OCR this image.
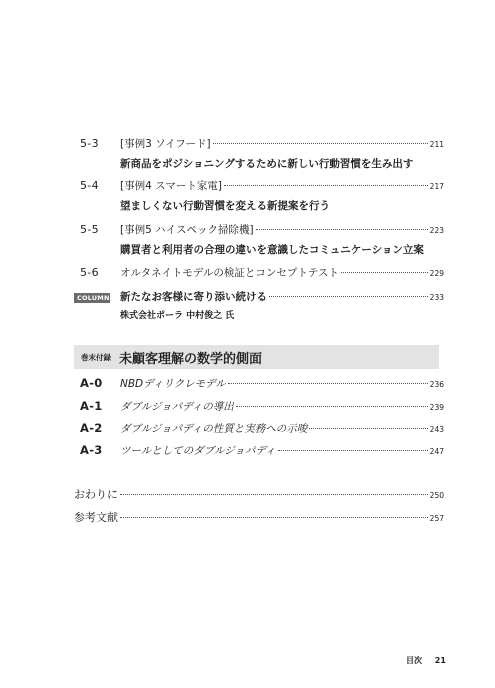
5-3	[事例3 ソイフード]	211
新商品をポジショニングするために新しい行動習慣を生み出す
5-4	[事例4 スマート家電]	217
望ましくない行動習慣を変える新提案を行う
5-5	[事例5 ハイスペック掃除機]	223
購買者と利用者の合理の違いを意識したコミュニケーション立案
5-6	オルタネイトモデルの検証とコンセプトテスト	229
COLUMN 新たなお客様に寄り添い続ける	233
株式会社ポーラ 中村俊之 氏
巻末付録 未顧客理解の数学的側面
A-0	NBDディリクレモデル	236
A-1	ダブルジョパディの導出	239
A-2	ダブルジョパディの性質と実務への示唆	243
A-3	ツールとしてのダブルジョパディ	247
おわりに	250
参考文献	257
目次 21
